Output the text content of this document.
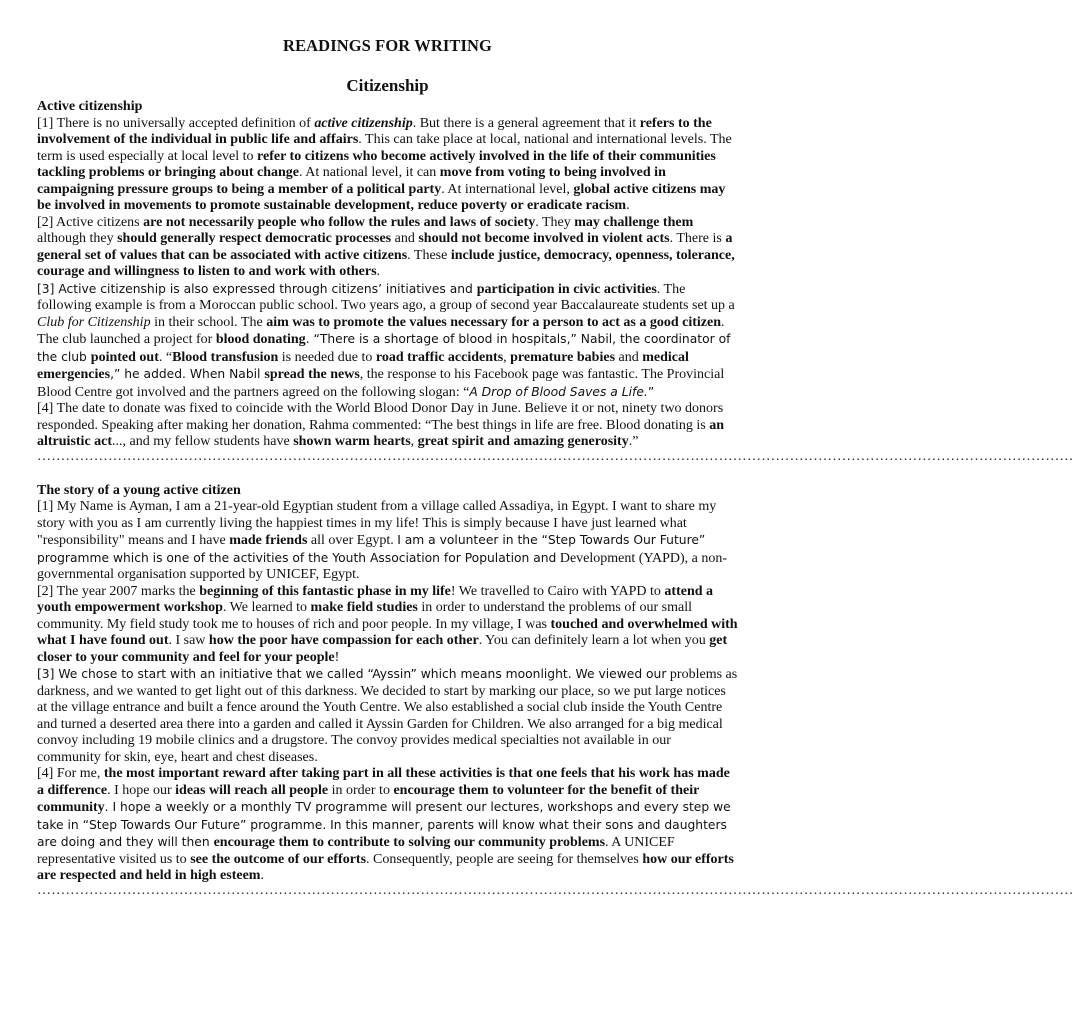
READINGS FOR WRITING
Citizenship
Active citizenship

[1] There is no universally accepted definition of active citizenship. But there is a general agreement that it refers to the involvement of the individual in public life and affairs. This can take place at local, national and international levels. The term is used especially at local level to refer to citizens who become actively involved in the life of their communities tackling problems or bringing about change. At national level, it can move from voting to being involved in campaigning pressure groups to being a member of a political party. At international level, global active citizens may be involved in movements to promote sustainable development, reduce poverty or eradicate racism.

[2] Active citizens are not necessarily people who follow the rules and laws of society. They may challenge them although they should generally respect democratic processes and should not become involved in violent acts. There is a general set of values that can be associated with active citizens. These include justice, democracy, openness, tolerance, courage and willingness to listen to and work with others.

[3] Active citizenship is also expressed through citizens’ initiatives and participation in civic activities. The following example is from a Moroccan public school. Two years ago, a group of second year Baccalaureate students set up a Club for Citizenship in their school. The aim was to promote the values necessary for a person to act as a good citizen. The club launched a project for blood donating. “There is a shortage of blood in hospitals,” Nabil, the coordinator of the club pointed out. “Blood transfusion is needed due to road traffic accidents, premature babies and medical emergencies,” he added. When Nabil spread the news, the response to his Facebook page was fantastic. The Provincial Blood Centre got involved and the partners agreed on the following slogan: “A Drop of Blood Saves a Life.”

[4] The date to donate was fixed to coincide with the World Blood Donor Day in June. Believe it or not, ninety two donors responded. Speaking after making her donation, Rahma commented: “The best things in life are free. Blood donating is an altruistic act..., and my fellow students have shown warm hearts, great spirit and amazing generosity.”

…………………………………………………………………………………………………………………………………………………………………………………………………
The story of a young active citizen

[1] My Name is Ayman, I am a 21-year-old Egyptian student from a village called Assadiya, in Egypt. I want to share my story with you as I am currently living the happiest times in my life! This is simply because I have just learned what "responsibility" means and I have made friends all over Egypt. I am a volunteer in the “Step Towards Our Future” programme which is one of the activities of the Youth Association for Population and Development (YAPD), a non-governmental organisation supported by UNICEF, Egypt.

[2] The year 2007 marks the beginning of this fantastic phase in my life! We travelled to Cairo with YAPD to attend a youth empowerment workshop. We learned to make field studies in order to understand the problems of our small community. My field study took me to houses of rich and poor people. In my village, I was touched and overwhelmed with what I have found out. I saw how the poor have compassion for each other. You can definitely learn a lot when you get closer to your community and feel for your people!

[3] We chose to start with an initiative that we called “Ayssin” which means moonlight. We viewed our problems as darkness, and we wanted to get light out of this darkness. We decided to start by marking our place, so we put large notices at the village entrance and built a fence around the Youth Centre. We also established a social club inside the Youth Centre and turned a deserted area there into a garden and called it Ayssin Garden for Children. We also arranged for a big medical convoy including 19 mobile clinics and a drugstore. The convoy provides medical specialties not available in our community for skin, eye, heart and chest diseases.

[4] For me, the most important reward after taking part in all these activities is that one feels that his work has made a difference. I hope our ideas will reach all people in order to encourage them to volunteer for the benefit of their community. I hope a weekly or a monthly TV programme will present our lectures, workshops and every step we take in “Step Towards Our Future” programme. In this manner, parents will know what their sons and daughters are doing and they will then encourage them to contribute to solving our community problems. A UNICEF representative visited us to see the outcome of our efforts. Consequently, people are seeing for themselves how our efforts are respected and held in high esteem.

…………………………………………………………………………………………………………………………………………………………………………………………………
